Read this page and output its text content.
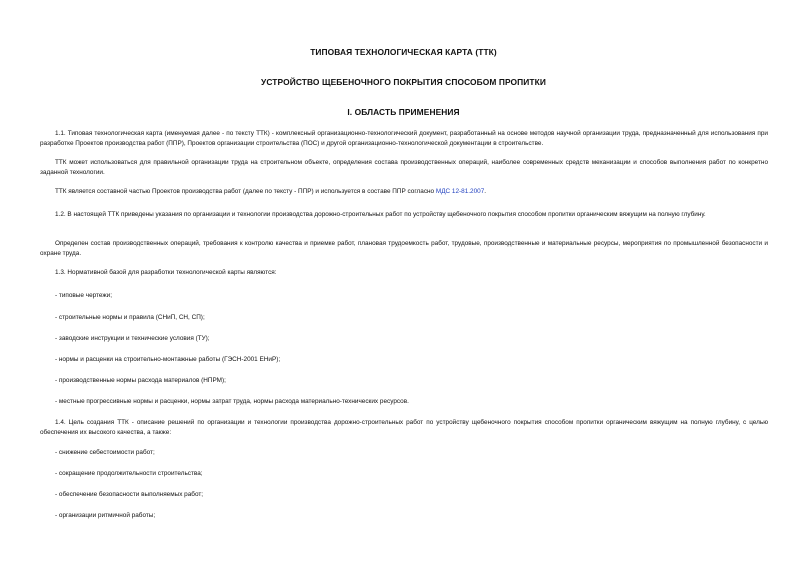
ТИПОВАЯ ТЕХНОЛОГИЧЕСКАЯ КАРТА (ТТК)
УСТРОЙСТВО ЩЕБЕНОЧНОГО ПОКРЫТИЯ СПОСОБОМ ПРОПИТКИ
I. ОБЛАСТЬ ПРИМЕНЕНИЯ

1.1. Типовая технологическая карта (именуемая далее - по тексту ТТК) - комплексный организационно-технологический документ, разработанный на основе методов научной организации труда, предназначенный для использования при разработке Проектов производства работ (ППР), Проектов организации строительства (ПОС) и другой организационно-технологической документации в строительстве.

ТТК может использоваться для правильной организации труда на строительном объекте, определения состава производственных операций, наиболее современных средств механизации и способов выполнения работ по конкретно заданной технологии.

ТТК является составной частью Проектов производства работ (далее по тексту - ППР) и используется в составе ППР согласно МДС 12-81.2007.

1.2. В настоящей ТТК приведены указания по организации и технологии производства дорожно-строительных работ по устройству щебеночного покрытия способом пропитки органическим вяжущим на полную глубину.

Определен состав производственных операций, требования к контролю качества и приемке работ, плановая трудоемкость работ, трудовые, производственные и материальные ресурсы, мероприятия по промышленной безопасности и охране труда.

1.3. Нормативной базой для разработки технологической карты являются:

- типовые чертежи;

- строительные нормы и правила (СНиП, СН, СП);

- заводские инструкции и технические условия (ТУ);

- нормы и расценки на строительно-монтажные работы (ГЭСН-2001 ЕНиР);

- производственные нормы расхода материалов (НПРМ);

- местные прогрессивные нормы и расценки, нормы затрат труда, нормы расхода материально-технических ресурсов.

1.4. Цель создания ТТК - описание решений по организации и технологии производства дорожно-строительных работ по устройству щебеночного покрытия способом пропитки органическим вяжущим на полную глубину, с целью обеспечения их высокого качества, а также:

- снижение себестоимости работ;

- сокращение продолжительности строительства;

- обеспечение безопасности выполняемых работ;

- организации ритмичной работы;
